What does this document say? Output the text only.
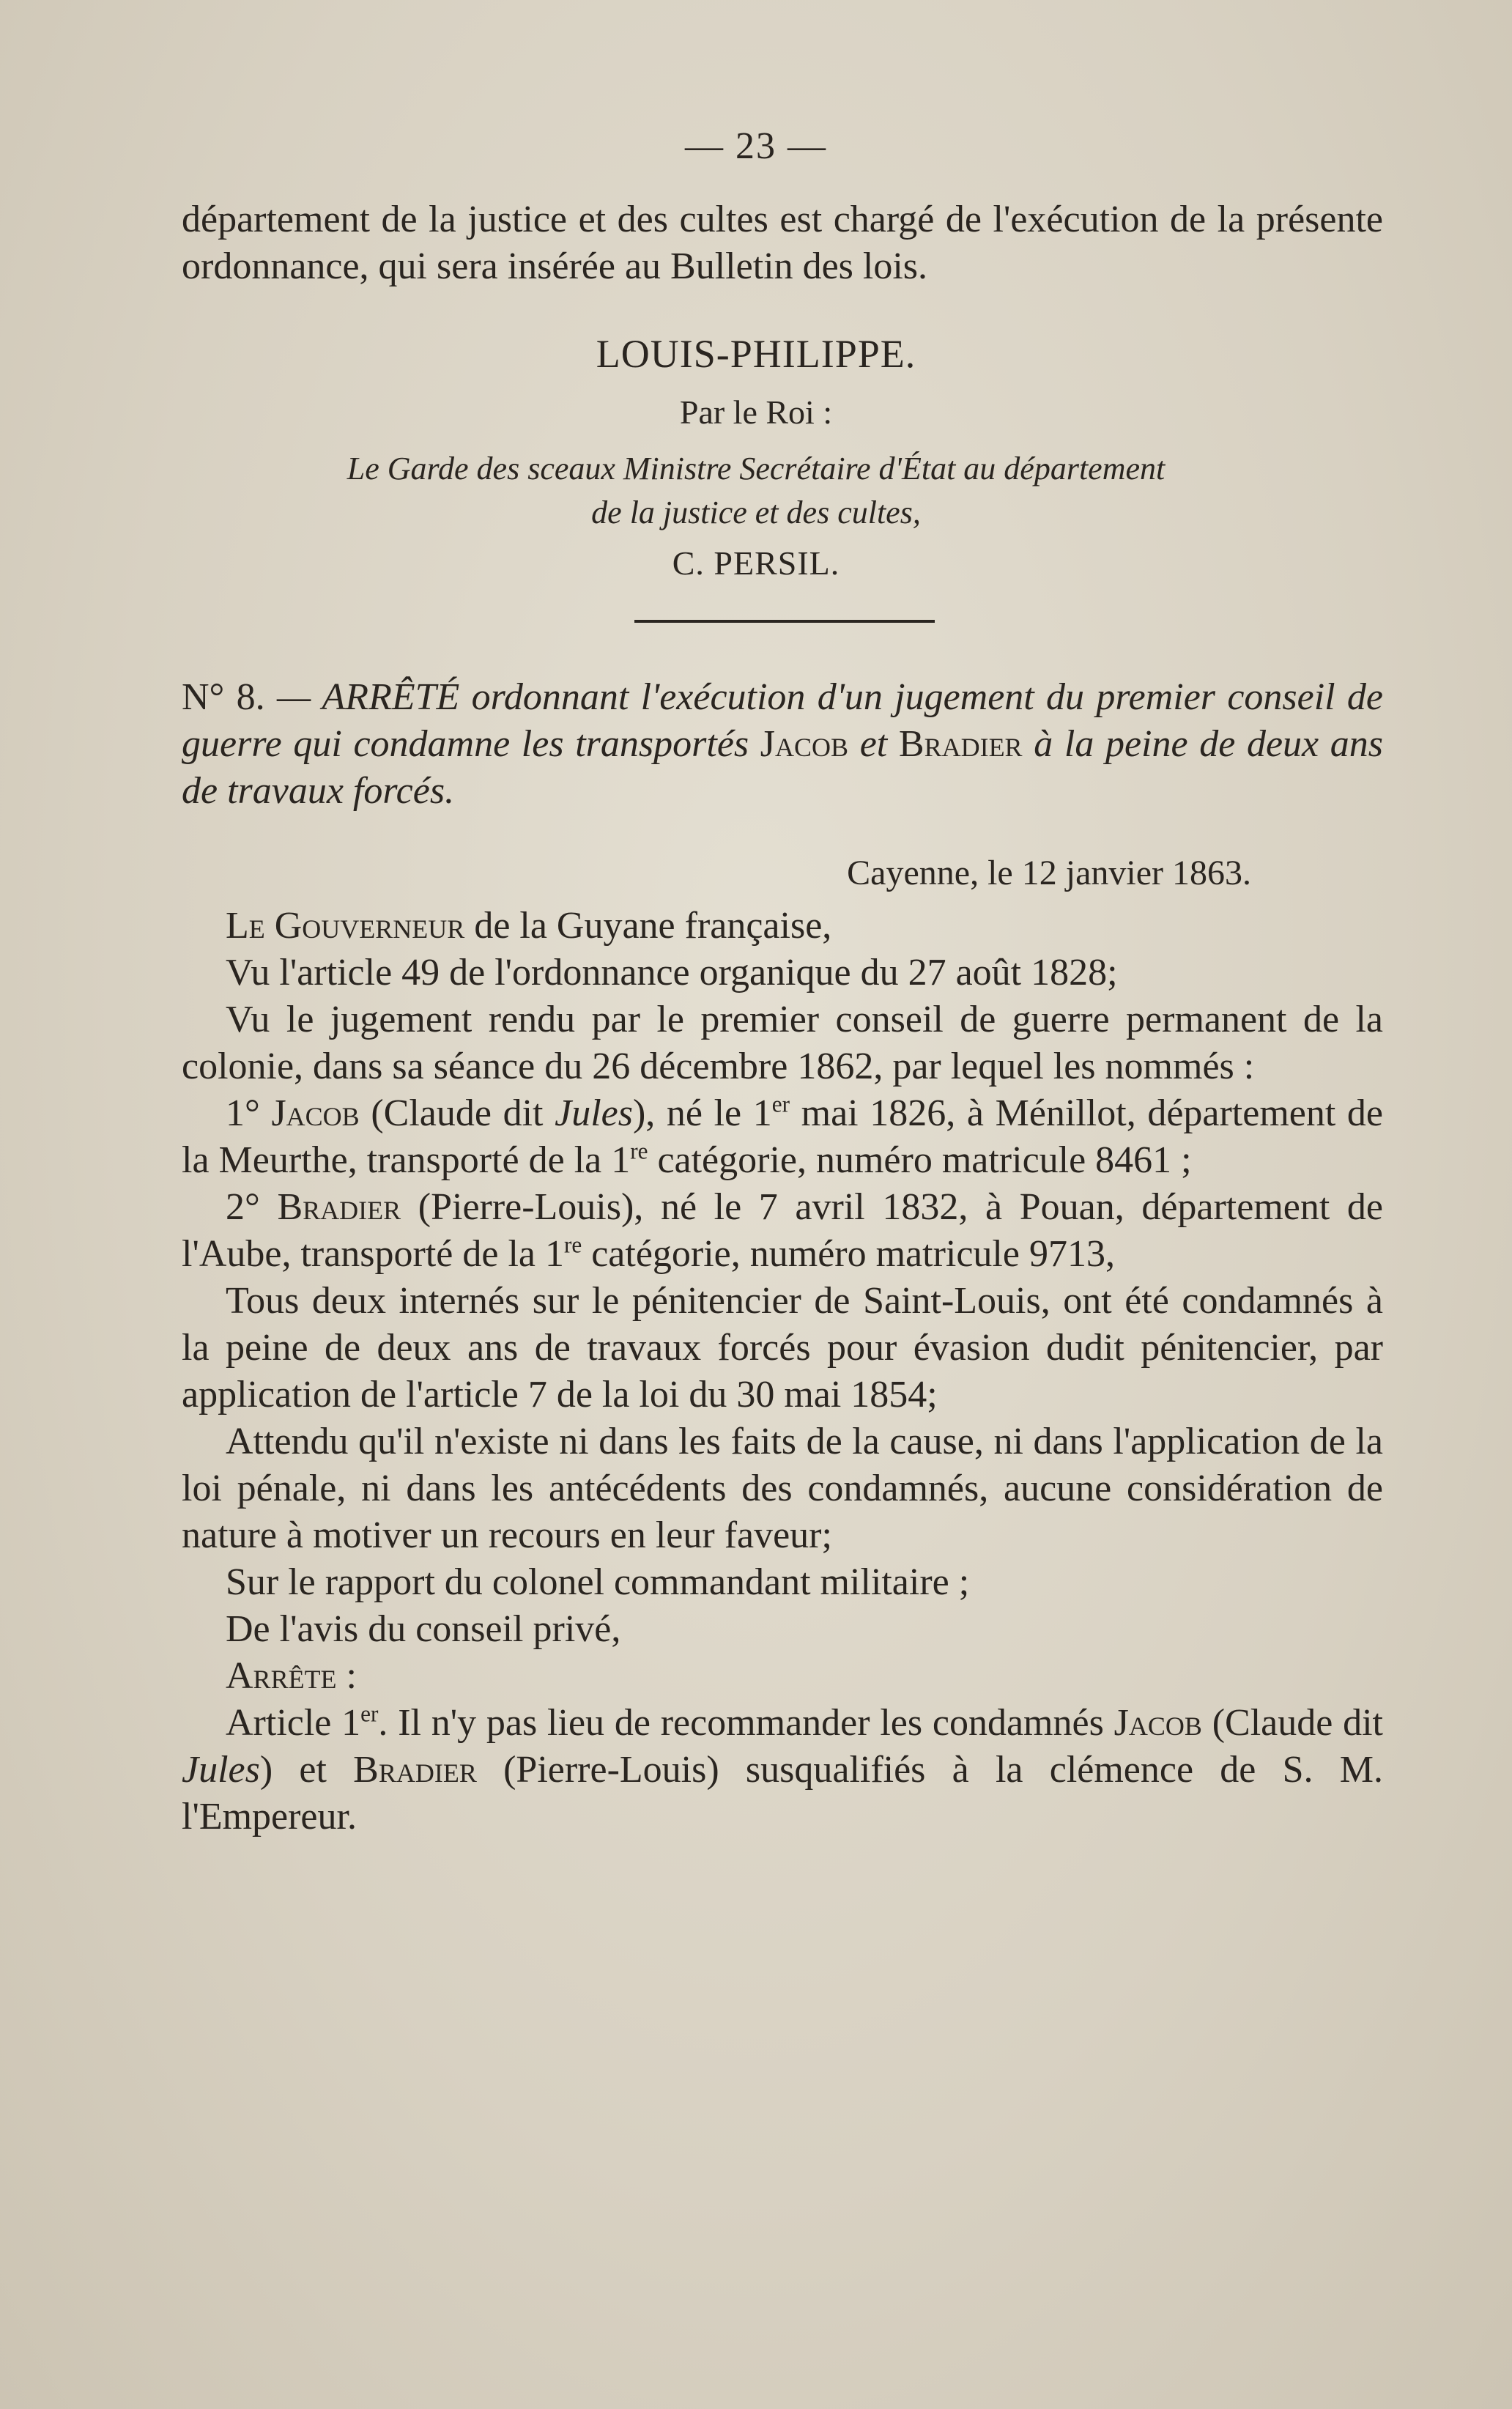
— 23 —

département de la justice et des cultes est chargé de l'exécution de la présente ordonnance, qui sera insérée au Bulletin des lois.

LOUIS-PHILIPPE.
Par le Roi :
Le Garde des sceaux Ministre Secrétaire d'État au département
de la justice et des cultes,
C. PERSIL.

N° 8. — ARRÊTÉ ordonnant l'exécution d'un jugement du premier conseil de guerre qui condamne les transportés Jacob et Bradier à la peine de deux ans de travaux forcés.

Cayenne, le 12 janvier 1863.

Le Gouverneur de la Guyane française,

Vu l'article 49 de l'ordonnance organique du 27 août 1828;

Vu le jugement rendu par le premier conseil de guerre permanent de la colonie, dans sa séance du 26 décembre 1862, par lequel les nommés :

1° Jacob (Claude dit Jules), né le 1er mai 1826, à Ménillot, département de la Meurthe, transporté de la 1re catégorie, numéro matricule 8461 ;

2° Bradier (Pierre-Louis), né le 7 avril 1832, à Pouan, département de l'Aube, transporté de la 1re catégorie, numéro matricule 9713,

Tous deux internés sur le pénitencier de Saint-Louis, ont été condamnés à la peine de deux ans de travaux forcés pour évasion dudit pénitencier, par application de l'article 7 de la loi du 30 mai 1854;

Attendu qu'il n'existe ni dans les faits de la cause, ni dans l'application de la loi pénale, ni dans les antécédents des condamnés, aucune considération de nature à motiver un recours en leur faveur;

Sur le rapport du colonel commandant militaire ;

De l'avis du conseil privé,

Arrête :

Article 1er. Il n'y pas lieu de recommander les condamnés Jacob (Claude dit Jules) et Bradier (Pierre-Louis) susqualifiés à la clémence de S. M. l'Empereur.
